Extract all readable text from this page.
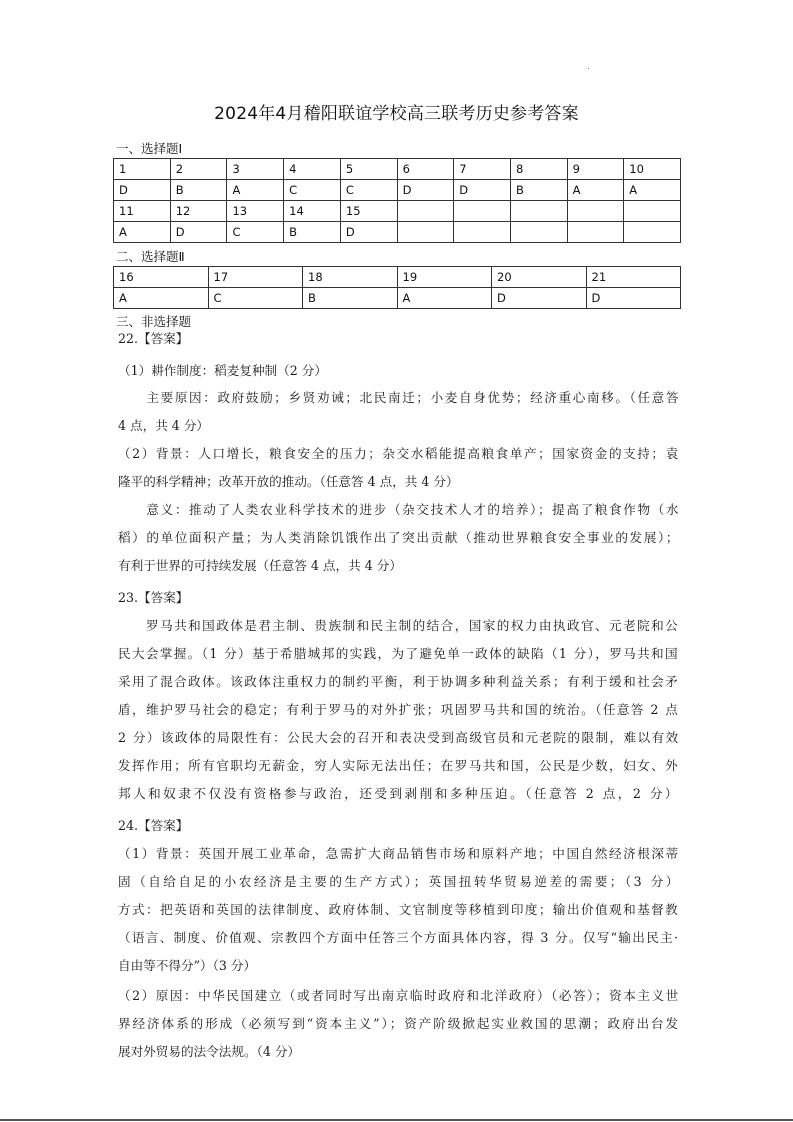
2024年4月稽阳联谊学校高三联考历史参考答案
一、选择题Ⅰ
1	2	3	4	5	6	7	8	9	10
D	B	A	C	C	D	D	B	A	A
11	12	13	14	15					
A	D	C	B	D					
二、选择题Ⅱ
16	17	18	19	20	21
A	C	B	A	D	D
三、非选择题
22.【答案】
（1）耕作制度：稻麦复种制（2 分）
　　主要原因：政府鼓励；乡贤劝诫；北民南迁；小麦自身优势；经济重心南移。（任意答
4 点，共 4 分）
（2）背景：人口增长，粮食安全的压力；杂交水稻能提高粮食单产；国家资金的支持；袁
隆平的科学精神；改革开放的推动。（任意答 4 点，共 4 分）
　　意义：推动了人类农业科学技术的进步（杂交技术人才的培养）；提高了粮食作物（水
稻）的单位面积产量；为人类消除饥饿作出了突出贡献（推动世界粮食安全事业的发展）；
有利于世界的可持续发展（任意答 4 点，共 4 分）
23.【答案】
　　罗马共和国政体是君主制、贵族制和民主制的结合，国家的权力由执政官、元老院和公
民大会掌握。（1 分）基于希腊城邦的实践，为了避免单一政体的缺陷（1 分），罗马共和国
采用了混合政体。该政体注重权力的制约平衡，利于协调多种利益关系；有利于缓和社会矛
盾，维护罗马社会的稳定；有利于罗马的对外扩张；巩固罗马共和国的统治。（任意答 2 点
2 分）该政体的局限性有：公民大会的召开和表决受到高级官员和元老院的限制，难以有效
发挥作用；所有官职均无薪金，穷人实际无法出任；在罗马共和国，公民是少数，妇女、外
邦人和奴隶不仅没有资格参与政治，还受到剥削和多种压迫。（任意答 2 点，2 分）
24.【答案】
（1）背景：英国开展工业革命，急需扩大商品销售市场和原料产地；中国自然经济根深蒂
固（自给自足的小农经济是主要的生产方式）；英国扭转华贸易逆差的需要；（3 分）
方式：把英语和英国的法律制度、政府体制、文官制度等移植到印度；输出价值观和基督教
（语言、制度、价值观、宗教四个方面中任答三个方面具体内容，得 3 分。仅写“输出民主·
自由等不得分”）（3 分）
（2）原因：中华民国建立（或者同时写出南京临时政府和北洋政府）（必答）；资本主义世
界经济体系的形成（必须写到“资本主义”）；资产阶级掀起实业救国的思潮；政府出台发
展对外贸易的法令法规。（4 分）
